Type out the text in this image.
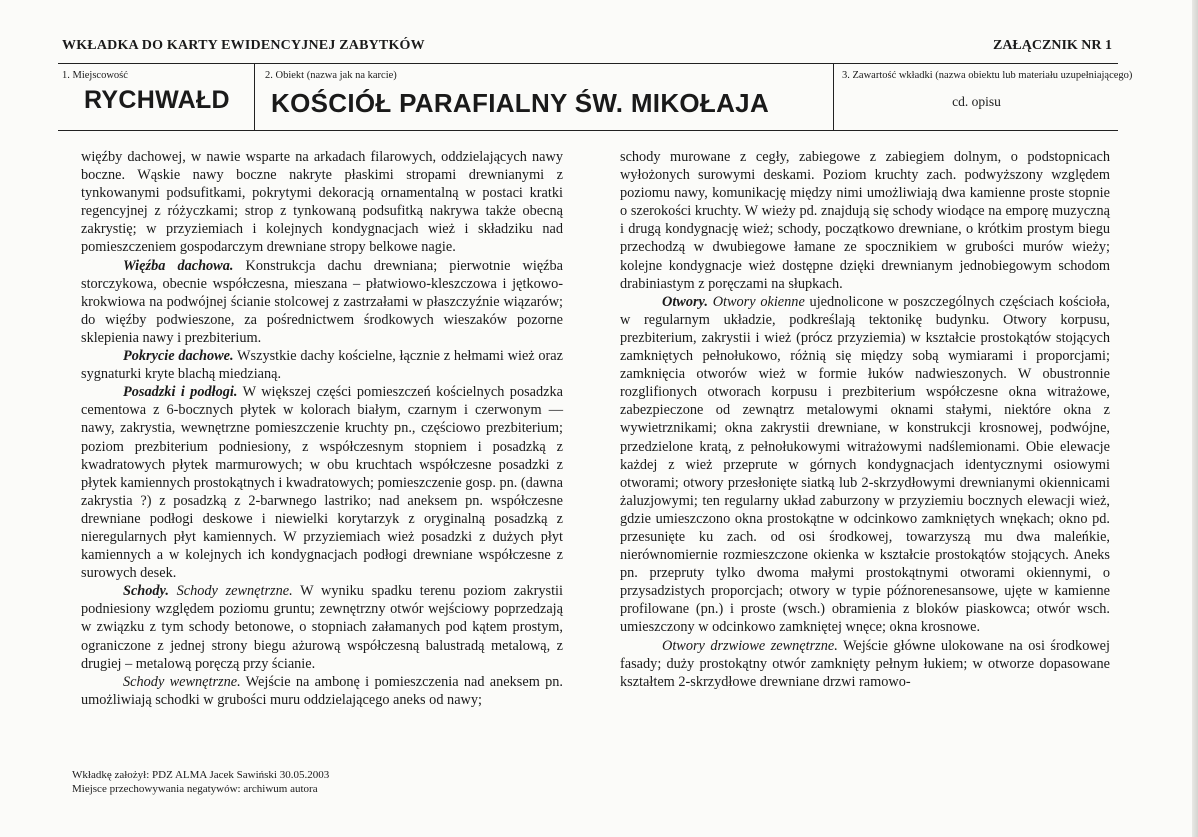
WKŁADKA DO KARTY EWIDENCYJNEJ ZABYTKÓW	ZAŁĄCZNIK NR 1
1. Miejscowość
RYCHWAŁD
2. Obiekt (nazwa jak na karcie)
KOŚCIÓŁ PARAFIALNY ŚW. MIKOŁAJA
3. Zawartość wkładki (nazwa obiektu lub materiału uzupełniającego)
cd. opisu

więźby dachowej, w nawie wsparte na arkadach filarowych, oddzielających nawy boczne. Wąskie nawy boczne nakryte płaskimi stropami drewnianymi z tynkowanymi podsufitkami, pokrytymi dekoracją ornamentalną w postaci kratki regencyjnej z różyczkami; strop z tynkowaną podsufitką nakrywa także obecną zakrystię; w przyziemiach i kolejnych kondygnacjach wież i składziku nad pomieszczeniem gospodarczym drewniane stropy belkowe nagie.

Więźba dachowa. Konstrukcja dachu drewniana; pierwotnie więźba storczykowa, obecnie współczesna, mieszana – płatwiowo-kleszczowa i jętkowo-krokwiowa na podwójnej ścianie stolcowej z zastrzałami w płaszczyźnie wiązarów; do więźby podwieszone, za pośrednictwem środkowych wieszaków pozorne sklepienia nawy i prezbiterium.

Pokrycie dachowe. Wszystkie dachy kościelne, łącznie z hełmami wież oraz sygnaturki kryte blachą miedzianą.

Posadzki i podłogi. W większej części pomieszczeń kościelnych posadzka cementowa z 6-bocznych płytek w kolorach białym, czarnym i czerwonym — nawy, zakrystia, wewnętrzne pomieszczenie kruchty pn., częściowo prezbiterium; poziom prezbiterium podniesiony, z współczesnym stopniem i posadzką z kwadratowych płytek marmurowych; w obu kruchtach współczesne posadzki z płytek kamiennych prostokątnych i kwadratowych; pomieszczenie gosp. pn. (dawna zakrystia ?) z posadzką z 2-barwnego lastriko; nad aneksem pn. współczesne drewniane podłogi deskowe i niewielki korytarzyk z oryginalną posadzką z nieregularnych płyt kamiennych. W przyziemiach wież posadzki z dużych płyt kamiennych a w kolejnych ich kondygnacjach podłogi drewniane współczesne z surowych desek.

Schody. Schody zewnętrzne. W wyniku spadku terenu poziom zakrystii podniesiony względem poziomu gruntu; zewnętrzny otwór wejściowy poprzedzają w związku z tym schody betonowe, o stopniach załamanych pod kątem prostym, ograniczone z jednej strony biegu ażurową współczesną balustradą metalową, z drugiej – metalową poręczą przy ścianie.

Schody wewnętrzne. Wejście na ambonę i pomieszczenia nad aneksem pn. umożliwiają schodki w grubości muru oddzielającego aneks od nawy;

schody murowane z cegły, zabiegowe z zabiegiem dolnym, o podstopnicach wyłożonych surowymi deskami. Poziom kruchty zach. podwyższony względem poziomu nawy, komunikację między nimi umożliwiają dwa kamienne proste stopnie o szerokości kruchty. W wieży pd. znajdują się schody wiodące na emporę muzyczną i drugą kondygnację wież; schody, początkowo drewniane, o krótkim prostym biegu przechodzą w dwubiegowe łamane ze spocznikiem w grubości murów wieży; kolejne kondygnacje wież dostępne dzięki drewnianym jednobiegowym schodom drabiniastym z poręczami na słupkach.

Otwory. Otwory okienne ujednolicone w poszczególnych częściach kościoła, w regularnym układzie, podkreślają tektonikę budynku. Otwory korpusu, prezbiterium, zakrystii i wież (prócz przyziemia) w kształcie prostokątów stojących zamkniętych pełnołukowo, różnią się między sobą wymiarami i proporcjami; zamknięcia otworów wież w formie łuków nadwieszonych. W obustronnie rozglifionych otworach korpusu i prezbiterium współczesne okna witrażowe, zabezpieczone od zewnątrz metalowymi oknami stałymi, niektóre okna z wywietrznikami; okna zakrystii drewniane, w konstrukcji krosnowej, podwójne, przedzielone kratą, z pełnołukowymi witrażowymi nadślemionami. Obie elewacje każdej z wież przeprute w górnych kondygnacjach identycznymi osiowymi otworami; otwory przesłonięte siatką lub 2-skrzydłowymi drewnianymi okiennicami żaluzjowymi; ten regularny układ zaburzony w przyziemiu bocznych elewacji wież, gdzie umieszczono okna prostokątne w odcinkowo zamkniętych wnękach; okno pd. przesunięte ku zach. od osi środkowej, towarzyszą mu dwa maleńkie, nierównomiernie rozmieszczone okienka w kształcie prostokątów stojących. Aneks pn. przepruty tylko dwoma małymi prostokątnymi otworami okiennymi, o przysadzistych proporcjach; otwory w typie późnorenesansowe, ujęte w kamienne profilowane (pn.) i proste (wsch.) obramienia z bloków piaskowca; otwór wsch. umieszczony w odcinkowo zamkniętej wnęce; okna krosnowe.

Otwory drzwiowe zewnętrzne. Wejście główne ulokowane na osi środkowej fasady; duży prostokątny otwór zamknięty pełnym łukiem; w otworze dopasowane kształtem 2-skrzydłowe drewniane drzwi ramowo-

Wkładkę założył: PDZ ALMA Jacek Sawiński 30.05.2003
Miejsce przechowywania negatywów: archiwum autora
